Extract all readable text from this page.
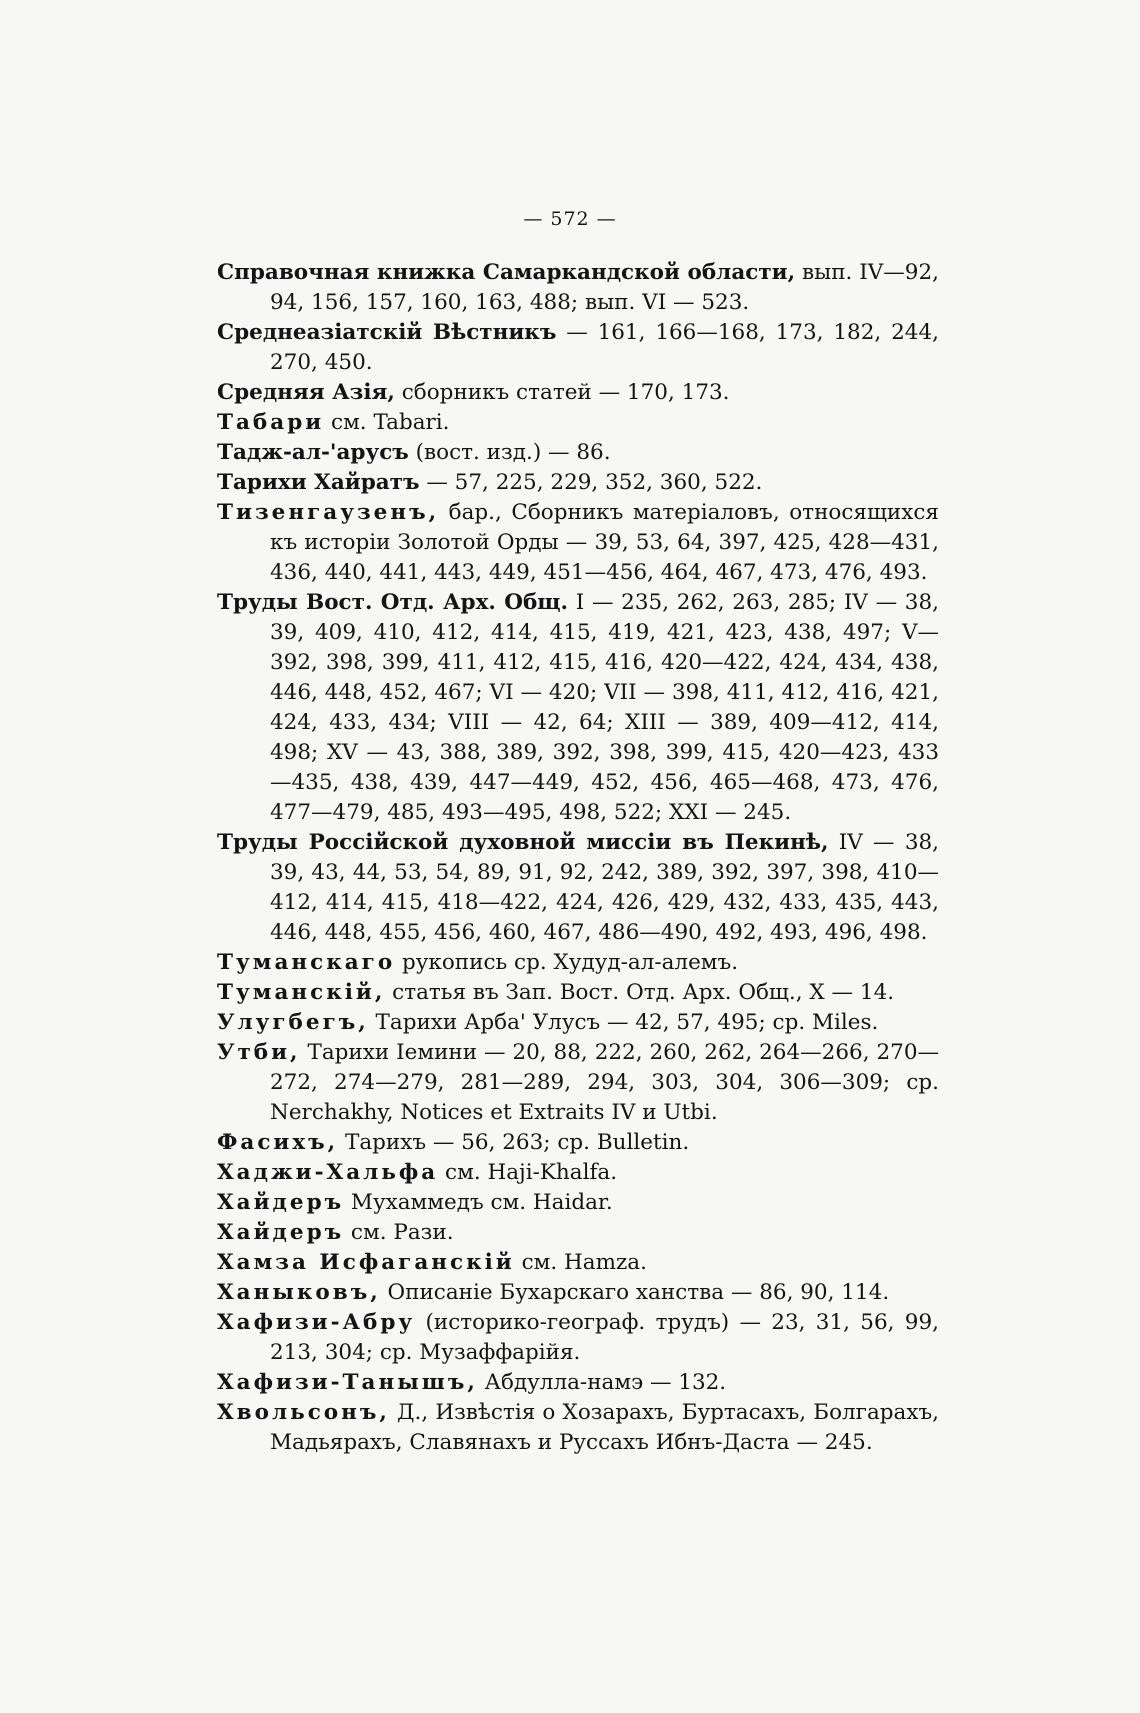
— 572 —
Справочная книжка Самаркандской области, вып. IV—92, 94, 156, 157, 160, 163, 488; вып. VI — 523.
Среднеазіатскій Вѣстникъ — 161, 166—168, 173, 182, 244, 270, 450.
Средняя Азія, сборникъ статей — 170, 173.
Табари см. Tabari.
Тадж-ал-'арусъ (вост. изд.) — 86.
Тарихи Хайратъ — 57, 225, 229, 352, 360, 522.
Тизенгаузенъ, бар., Сборникъ матеріаловъ, относящихся къ исторіи Золотой Орды — 39, 53, 64, 397, 425, 428—431, 436, 440, 441, 443, 449, 451—456, 464, 467, 473, 476, 493.
Труды Вост. Отд. Арх. Общ. I — 235, 262, 263, 285; IV — 38, 39, 409, 410, 412, 414, 415, 419, 421, 423, 438, 497; V— 392, 398, 399, 411, 412, 415, 416, 420—422, 424, 434, 438, 446, 448, 452, 467; VI — 420; VII — 398, 411, 412, 416, 421, 424, 433, 434; VIII — 42, 64; XIII — 389, 409—412, 414, 498; XV — 43, 388, 389, 392, 398, 399, 415, 420—423, 433—435, 438, 439, 447—449, 452, 456, 465—468, 473, 476, 477—479, 485, 493—495, 498, 522; XXI — 245.
Труды Россійской духовной миссіи въ Пекинѣ, IV — 38, 39, 43, 44, 53, 54, 89, 91, 92, 242, 389, 392, 397, 398, 410—412, 414, 415, 418—422, 424, 426, 429, 432, 433, 435, 443, 446, 448, 455, 456, 460, 467, 486—490, 492, 493, 496, 498.
Туманскаго рукопись ср. Худуд-ал-алемъ.
Туманскій, статья въ Зап. Вост. Отд. Арх. Общ., X — 14.
Улугбегъ, Тарихи Арба' Улусъ — 42, 57, 495; ср. Miles.
Утби, Тарихи Іемини — 20, 88, 222, 260, 262, 264—266, 270—272, 274—279, 281—289, 294, 303, 304, 306—309; ср. Nerchakhy, Notices et Extraits IV и Utbi.
Фасихъ, Тарихъ — 56, 263; ср. Bulletin.
Хаджи-Хальфа см. Haji-Khalfa.
Хайдеръ Мухаммедъ см. Haidar.
Хайдеръ см. Рази.
Хамза Исфаганскій см. Hamza.
Ханыковъ, Описаніе Бухарскаго ханства — 86, 90, 114.
Хафизи-Абру (историко-географ. трудъ) — 23, 31, 56, 99, 213, 304; ср. Музаффарійя.
Хафизи-Танышъ, Абдулла-намэ — 132.
Хвольсонъ, Д., Извѣстія о Хозарахъ, Буртасахъ, Болгарахъ, Мадьярахъ, Славянахъ и Руссахъ Ибнъ-Даста — 245.
